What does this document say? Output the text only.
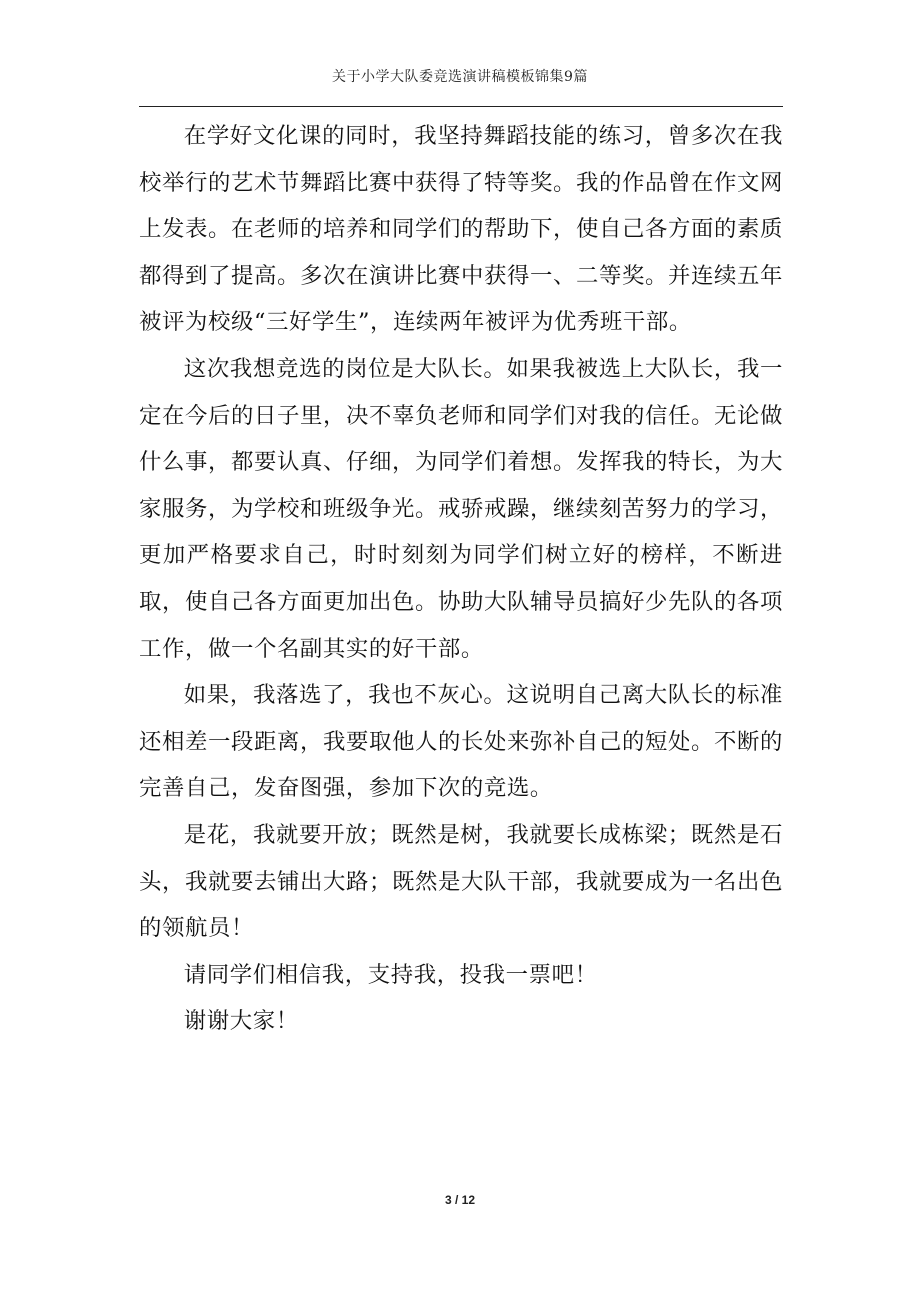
关于小学大队委竞选演讲稿模板锦集9篇

在学好文化课的同时，我坚持舞蹈技能的练习，曾多次在我校举行的艺术节舞蹈比赛中获得了特等奖。我的作品曾在作文网上发表。在老师的培养和同学们的帮助下，使自己各方面的素质都得到了提高。多次在演讲比赛中获得一、二等奖。并连续五年被评为校级“三好学生”，连续两年被评为优秀班干部。

这次我想竞选的岗位是大队长。如果我被选上大队长，我一定在今后的日子里，决不辜负老师和同学们对我的信任。无论做什么事，都要认真、仔细，为同学们着想。发挥我的特长，为大家服务，为学校和班级争光。戒骄戒躁，继续刻苦努力的学习，更加严格要求自己，时时刻刻为同学们树立好的榜样，不断进取，使自己各方面更加出色。协助大队辅导员搞好少先队的各项工作，做一个名副其实的好干部。

如果，我落选了，我也不灰心。这说明自己离大队长的标准还相差一段距离，我要取他人的长处来弥补自己的短处。不断的完善自己，发奋图强，参加下次的竞选。

是花，我就要开放；既然是树，我就要长成栋梁；既然是石头，我就要去铺出大路；既然是大队干部，我就要成为一名出色的领航员！

请同学们相信我，支持我，投我一票吧！

谢谢大家！

3 / 12
